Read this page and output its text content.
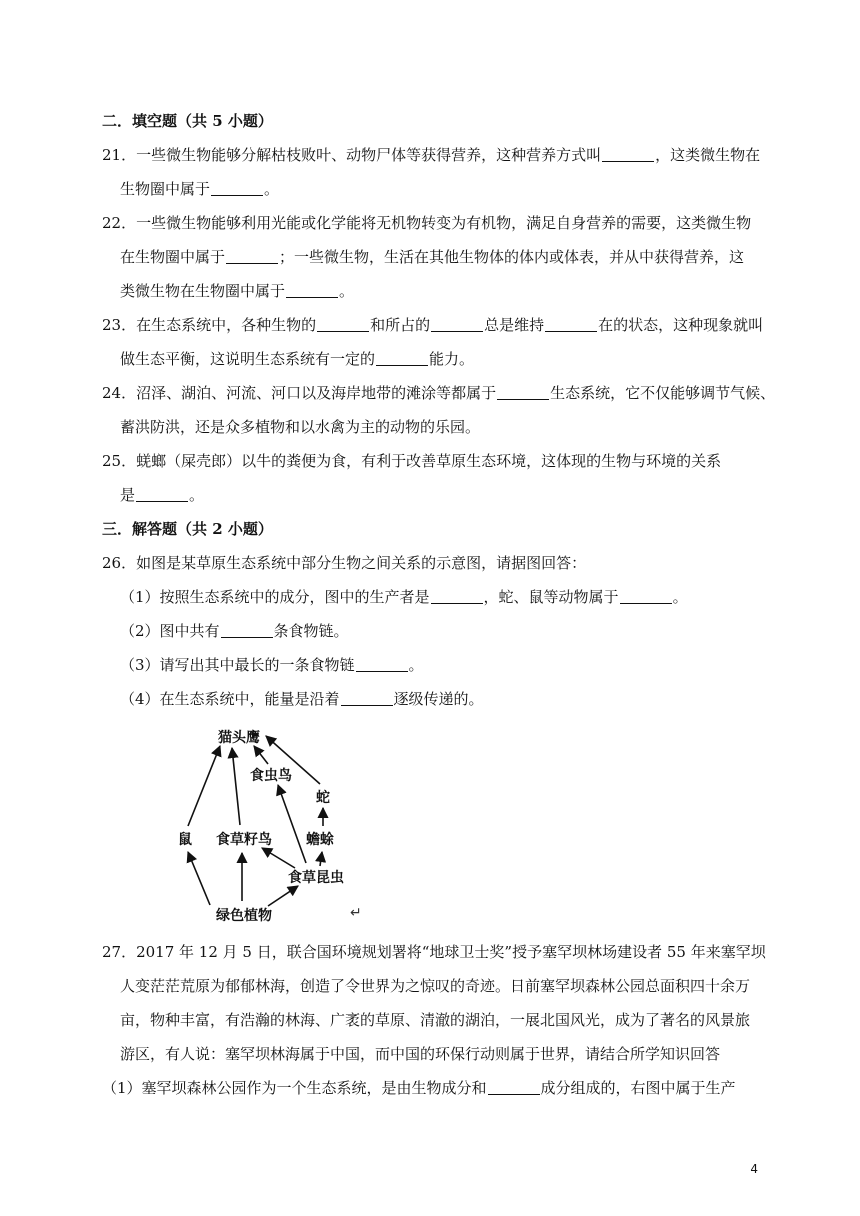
二．填空题（共 5 小题）
21．一些微生物能够分解枯枝败叶、动物尸体等获得营养，这种营养方式叫	，这类微生物在
生物圈中属于	。
22．一些微生物能够利用光能或化学能将无机物转变为有机物，满足自身营养的需要，这类微生物
在生物圈中属于	；一些微生物，生活在其他生物体的体内或体表，并从中获得营养，这
类微生物在生物圈中属于	。
23．在生态系统中，各种生物的	和所占的	总是维持	在的状态，这种现象就叫
做生态平衡，这说明生态系统有一定的	能力。
24．沼泽、湖泊、河流、河口以及海岸地带的滩涂等都属于	生态系统，它不仅能够调节气候、
蓄洪防洪，还是众多植物和以水禽为主的动物的乐园。
25．蜣螂（屎壳郎）以牛的粪便为食，有利于改善草原生态环境，这体现的生物与环境的关系
是	。
三．解答题（共 2 小题）
26．如图是某草原生态系统中部分生物之间关系的示意图，请据图回答：
（1）按照生态系统中的成分，图中的生产者是	，蛇、鼠等动物属于	。
（2）图中共有	条食物链。
（3）请写出其中最长的一条食物链	。
（4）在生态系统中，能量是沿着	逐级传递的。
猫头鹰
食虫鸟
蛇
鼠 食草籽鸟 蟾蜍
食草昆虫
绿色植物	↵
27．2017 年 12 月 5 日，联合国环境规划署将“地球卫士奖”授予塞罕坝林场建设者 55 年来塞罕坝
人变茫茫荒原为郁郁林海，创造了令世界为之惊叹的奇迹。日前塞罕坝森林公园总面积四十余万
亩，物种丰富，有浩瀚的林海、广袤的草原、清澈的湖泊，一展北国风光，成为了著名的风景旅
游区，有人说：塞罕坝林海属于中国，而中国的环保行动则属于世界，请结合所学知识回答
（1）塞罕坝森林公园作为一个生态系统，是由生物成分和	成分组成的，右图中属于生产
4
